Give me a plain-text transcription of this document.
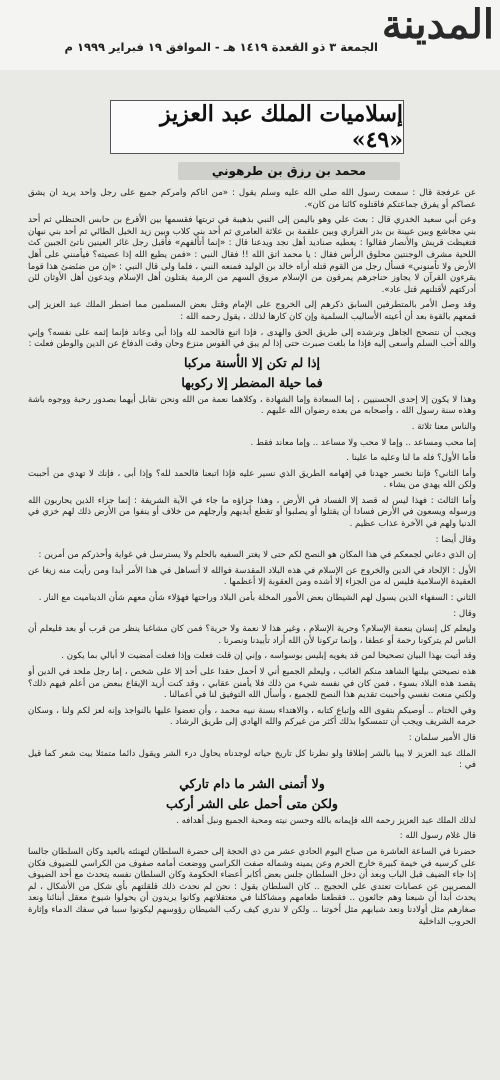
المدينة
الجمعة ٣ ذو القعدة ١٤١٩ هـ - الموافق ١٩ فبراير ١٩٩٩ م
إسلاميات الملك عبد العزيز «٤٩»
محمد بن رزق بن طرهوني

عن عرفجة قال : سمعت رسول الله صلى الله عليه وسلم يقول : «من أتاكم وأمركم جميع على رجل واحد يريد أن يشق عصاكم أو يفرق جماعتكم فاقتلوه كائنا من كان».

وعن أبي سعيد الخدري قال : بعث علي وهو باليمن إلى النبي بذهيبة في تربتها فقسمها بين الأقرع بن حابس الحنظلي ثم أحد بني مجاشع وبين عيينة بن بدر الفزاري وبين علقمة بن علاثة العامري ثم أحد بني كلاب وبين زيد الخيل الطائي ثم أحد بني نبهان فتغيظت قريش والأنصار فقالوا : يعطيه صناديد أهل نجد ويدعنا قال : «إنما أتألفهم» فأقبل رجل غائر العينين ناتئ الجبين كث اللحية مشرف الوجنتين محلوق الرأس فقال : يا محمد اتق الله !! فقال النبي : «فمن يطيع الله إذا عصيته؟ فيأمنني على أهل الأرض ولا تأمنوني» فسأل رجل من القوم قتله أراه خالد بن الوليد فمنعه النبي ، فلما ولى قال النبي : «إن من ضئضئ هذا قوما يقرءون القرآن لا يجاوز حناجرهم يمرقون من الإسلام مروق السهم من الرمية يقتلون أهل الإسلام ويدعون أهل الأوثان لئن أدركتهم لأقتلنهم قتل عاد».

وقد وصل الأمر بالمتطرفين السابق ذكرهم إلى الخروج على الإمام وقتل بعض المسلمين مما اضطر الملك عبد العزيز إلى قمعهم بالقوة بعد أن أعيته الأساليب السلمية وإن كان كارها لذلك ، يقول رحمه الله :

ويجب أن نتصحح الجاهل ونرشده إلى طريق الحق والهدى ، فإذا اتبع فالحمد لله وإذا أبى وعاند فإنما إثمه على نفسه؟ وإني والله أحب السلم وأسعى إليه فإذا ما بلغت صبرت حتى إذا لم يبق في القوس منزع وحان وقت الدفاع عن الدين والوطن فعلت :

إذا لم تكن إلا الأسنة مركبا
فما حيلة المضطر إلا ركوبها

وهذا لا يكون إلا إحدى الحسنيين ، إما السعادة وإما الشهادة ، وكلاهما نعمة من الله ونحن نقابل أيهما بصدور رحبة ووجوه باشة وهذه سنة رسول الله ، وأصحابه من بعده رضوان الله عليهم .

والناس معنا ثلاثة .

إما محب ومساعد .. وإما لا محب ولا مساعد .. وإما معاند فقط .

فأما الأول؟ فله ما لنا وعليه ما علينا .

وأما الثاني؟ فإننا نخسر جهدنا في إفهامه الطريق الذي نسير عليه فإذا اتبعنا فالحمد لله؟ وإذا أبى ، فإنك لا تهدي من أحببت ولكن الله يهدي من يشاء .

وأما الثالث : فهذا ليس له قصد إلا الفساد في الأرض ، وهذا جزاؤه ما جاء في الآية الشريفة : إنما جزاء الذين يحاربون الله ورسوله ويسعون في الأرض فسادا أن يقتلوا أو يصلبوا أو تقطع أيديهم وأرجلهم من خلاف أو ينفوا من الأرض ذلك لهم خزي في الدنيا ولهم في الآخرة عذاب عظيم .

وقال أيضا :

إن الذي دعاني لجمعكم في هذا المكان هو النصح لكم حتى لا يغتر السفيه بالحلم ولا يسترسل في غواية وأحذركم من أمرين :

الأول : الإلحاد في الدين والخروج عن الإسلام في هذه البلاد المقدسة فوالله لا أتساهل في هذا الأمر أبدا ومن رأيت منه زيغا عن العقيدة الإسلامية فليس له من الجزاء إلا أشده ومن العقوبة إلا أعظمها .

الثاني : السفهاء الذين يسول لهم الشيطان بعض الأمور المخلة بأمن البلاد وراحتها فهؤلاء شأن معهم شأن الديناميت مع النار .

وقال :

وليعلم كل إنسان بنعمة الإسلام؟ وحرية الإسلام ، وغير هذا لا نعمة ولا حرية؟ فمن كان مشاغبا ينظر من قرب أو بعد فليعلم أن الناس لم يتركونا رحمة أو عطفا ، وإنما تركونا لأن الله أراد تأييدنا ونصرنا .

وقد أتيت بهذا البيان تصحيحا لمن قد يغويه إبليس بوسواسه ، وإني إن قلت فعلت وإذا فعلت أمضيت لا أبالي بما يكون .

هذه نصيحتي بيلنها الشاهد منكم الغائب ، وليعلم الجميع أني لا أحمل حقدا على أحد إلا على شخص ، إما رجل ملحد في الدين أو يقصد هذه البلاد بسوء ، فمن كان في نفسه شيء من ذلك فلا يأمنن عقابي ، وقد كنت أريد الإيقاع ببعض من أعلم فيهم ذلك؟ ولكني منعت نفسي وأحببت تقديم هذا النصح للجميع ، وأسأل الله التوفيق لنا في أعمالنا .

وفي الختام .. أوصيكم بتقوى الله وإتباع كتابه ، والاهتداء بسنة نبيه محمد ، وأن تعضوا عليها بالنواجذ وإنه لعز لكم ولنا ، وسكان حرمه الشريف ويجب أن تتمسكوا بذلك أكثر من غيركم والله الهادي إلى طريق الرشاد .

قال الأمير سلمان :

الملك عبد العزيز لا يبيا بالشر إطلاقا ولو نظرنا كل تاريخ حياته لوجدناه يحاول درء الشر ويقول دائما متمثلا بيت شعر كما قيل في :

ولا أتمنى الشر ما دام تاركي
ولكن متى أحمل على الشر أركب

لذلك الملك عبد العزيز رحمه الله فإيمانه بالله وحسن نيته ومحبة الجميع ونبل أهدافه .

قال غلام رسول الله :

حضرنا في الساعة العاشرة من صباح اليوم الحادي عشر من ذي الحجة إلى حضرة السلطان لتهنئته بالعيد وكان السلطان جالسا على كرسيه في خيمة كبيرة خارج الحرم وعن يمينه وشماله صفت الكراسي ووضعت أمامه صفوف من الكراسي للضيوف فكان إذا جاء الضيف قبل الباب وبعد أن دخل السلطان جلس بعض أكابر أعضاء الحكومة وكان السلطان نفسه يتحدث مع أحد الضيوف المصريين عن عصابات تعتدي على الحجيج .. كان السلطان يقول : نحن لم نحدث ذلك قلقلتهم بأي شكل من الأشكال ، لم يحدث أبدا أن شبعنا وهم جائعون .. فقطعنا طعامهم ومشاكلنا في معتقلاتهم وكانوا يريدون أن يحولوا شيوخ معقل أبنائنا ونعد صغارهم مثل أولادنا ونعد شبابهم مثل أخوتنا .. ولكن لا ندري كيف ركب الشيطان رؤوسهم ليكونوا سببا في سفك الدماء وإثارة الحروب الداخلية
